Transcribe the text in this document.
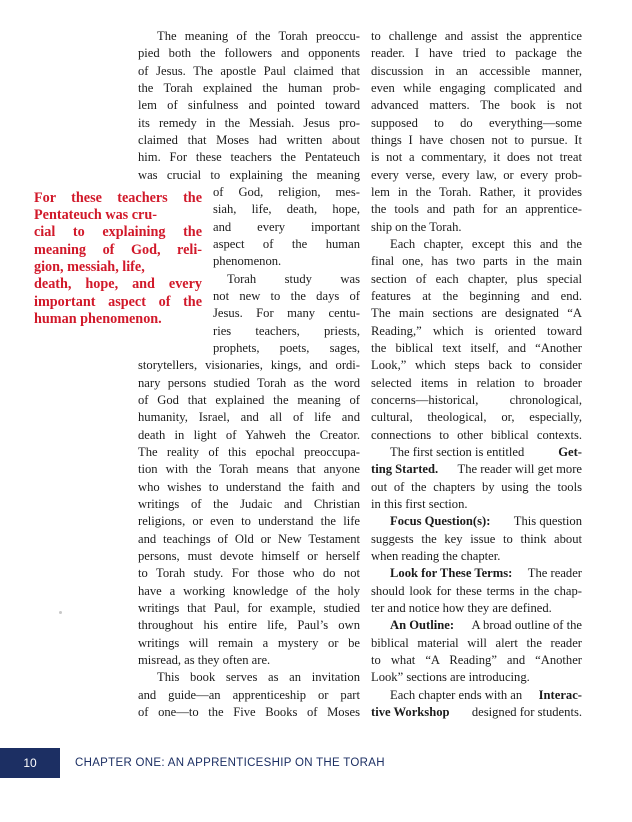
The meaning of the Torah preoccu-
pied both the followers and opponents
of Jesus. The apostle Paul claimed that
the Torah explained the human prob-
lem of sinfulness and pointed toward
its remedy in the Messiah. Jesus pro-
claimed that Moses had written about
him. For these teachers the Pentateuch
was crucial to explaining the meaning
of God, religion, mes-
siah, life, death, hope,
and every important
aspect of the human
phenomenon.
Torah study was
not new to the days of
Jesus. For many centu-
ries teachers, priests,
prophets, poets, sages,
storytellers, visionaries, kings, and ordi-
nary persons studied Torah as the word
of God that explained the meaning of
humanity, Israel, and all of life and
death in light of Yahweh the Creator.
The reality of this epochal preoccupa-
tion with the Torah means that anyone
who wishes to understand the faith and
writings of the Judaic and Christian
religions, or even to understand the life
and teachings of Old or New Testament
persons, must devote himself or herself
to Torah study. For those who do not
have a working knowledge of the holy
writings that Paul, for example, studied
throughout his entire life, Paul’s own
writings will remain a mystery or be
misread, as they often are.
This book serves as an invitation
and guide—an apprenticeship or part
of one—to the Five Books of Moses
For these teachers the
Pentateuch was cru-
cial to explaining the
meaning of God, reli-
gion, messiah, life,
death, hope, and every
important aspect of the
human phenomenon.
to challenge and assist the apprentice
reader. I have tried to package the
discussion in an accessible manner,
even while engaging complicated and
advanced matters. The book is not
supposed to do everything—some
things I have chosen not to pursue. It
is not a commentary, it does not treat
every verse, every law, or every prob-
lem in the Torah. Rather, it provides
the tools and path for an apprentice-
ship on the Torah.
Each chapter, except this and the
final one, has two parts in the main
section of each chapter, plus special
features at the beginning and end.
The main sections are designated “A
Reading,” which is oriented toward
the biblical text itself, and “Another
Look,” which steps back to consider
selected items in relation to broader
concerns—historical, chronological,
cultural, theological, or, especially,
connections to other biblical contexts.
The first section is entitled Get-
ting Started. The reader will get more
out of the chapters by using the tools
in this first section.
Focus Question(s): This question
suggests the key issue to think about
when reading the chapter.
Look for These Terms: The reader
should look for these terms in the chap-
ter and notice how they are defined.
An Outline: A broad outline of the
biblical material will alert the reader
to what “A Reading” and “Another
Look” sections are introducing.
Each chapter ends with an Interac-
tive Workshop designed for students.
10	CHAPTER ONE: AN APPRENTICESHIP ON THE TORAH
